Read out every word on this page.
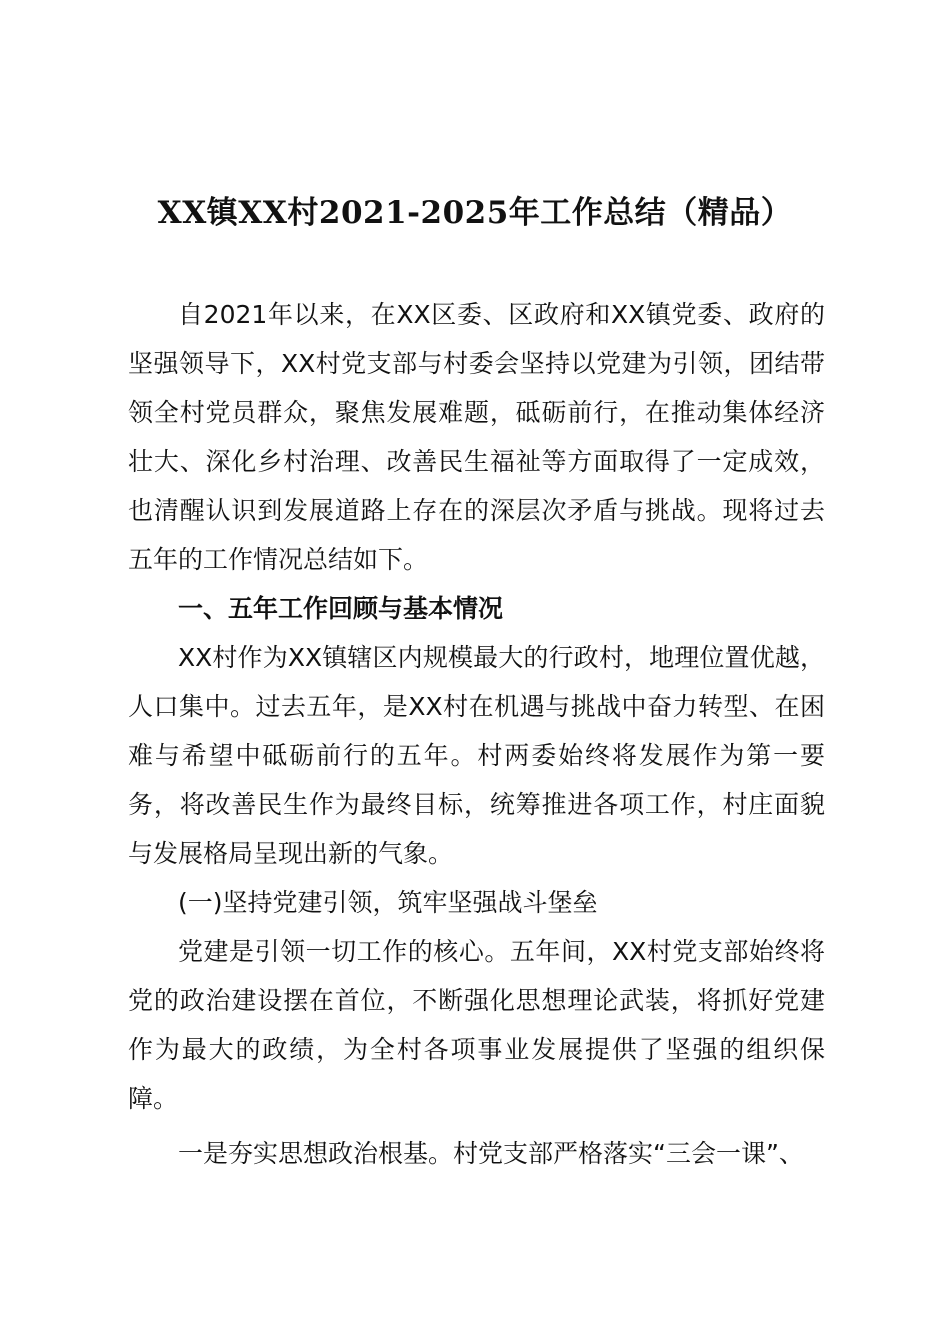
XX镇XX村2021-2025年工作总结（精品）

自2021年以来，在XX区委、区政府和XX镇党委、政府的坚强领导下，XX村党支部与村委会坚持以党建为引领，团结带领全村党员群众，聚焦发展难题，砥砺前行，在推动集体经济壮大、深化乡村治理、改善民生福祉等方面取得了一定成效，也清醒认识到发展道路上存在的深层次矛盾与挑战。现将过去五年的工作情况总结如下。

一、五年工作回顾与基本情况

XX村作为XX镇辖区内规模最大的行政村，地理位置优越，人口集中。过去五年，是XX村在机遇与挑战中奋力转型、在困难与希望中砥砺前行的五年。村两委始终将发展作为第一要务，将改善民生作为最终目标，统筹推进各项工作，村庄面貌与发展格局呈现出新的气象。

(一)坚持党建引领，筑牢坚强战斗堡垒

党建是引领一切工作的核心。五年间，XX村党支部始终将党的政治建设摆在首位，不断强化思想理论武装，将抓好党建作为最大的政绩，为全村各项事业发展提供了坚强的组织保障。

一是夯实思想政治根基。村党支部严格落实“三会一课”、
